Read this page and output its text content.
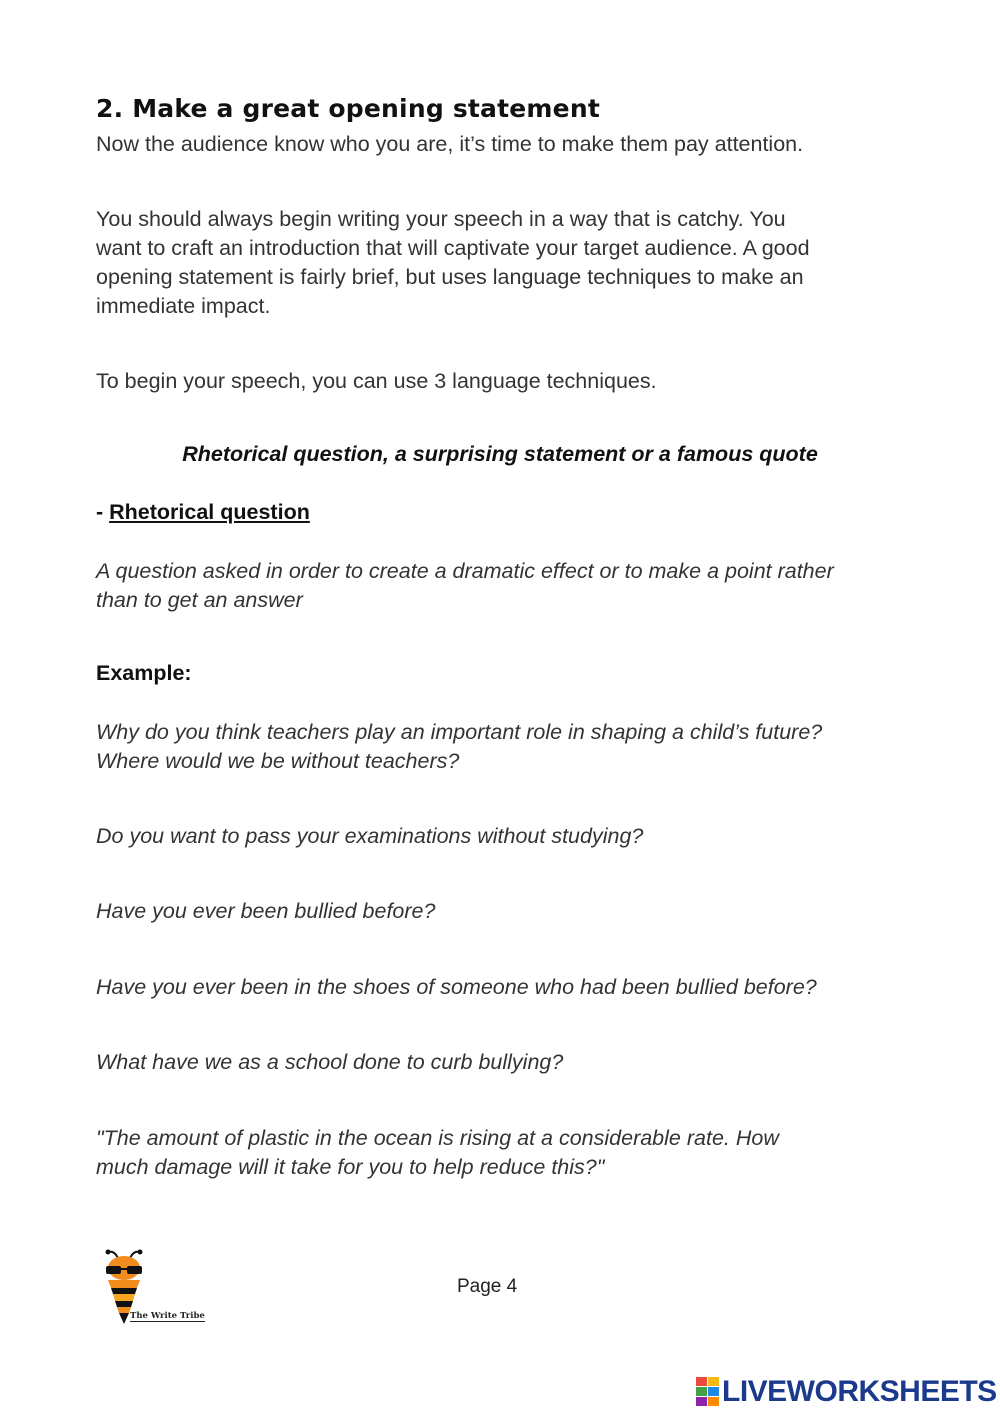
2. Make a great opening statement
Now the audience know who you are, it’s time to make them pay attention.
You should always begin writing your speech in a way that is catchy. You
want to craft an introduction that will captivate your target audience. A good
opening statement is fairly brief, but uses language techniques to make an
immediate impact.
To begin your speech, you can use 3 language techniques.
Rhetorical question, a surprising statement or a famous quote
- Rhetorical question
A question asked in order to create a dramatic effect or to make a point rather
than to get an answer
Example:
Why do you think teachers play an important role in shaping a child’s future?
Where would we be without teachers?
Do you want to pass your examinations without studying?
Have you ever been bullied before?
Have you ever been in the shoes of someone who had been bullied before?
What have we as a school done to curb bullying?
"The amount of plastic in the ocean is rising at a considerable rate. How
much damage will it take for you to help reduce this?"
The Write Tribe
Page 4
LIVEWORKSHEETS
